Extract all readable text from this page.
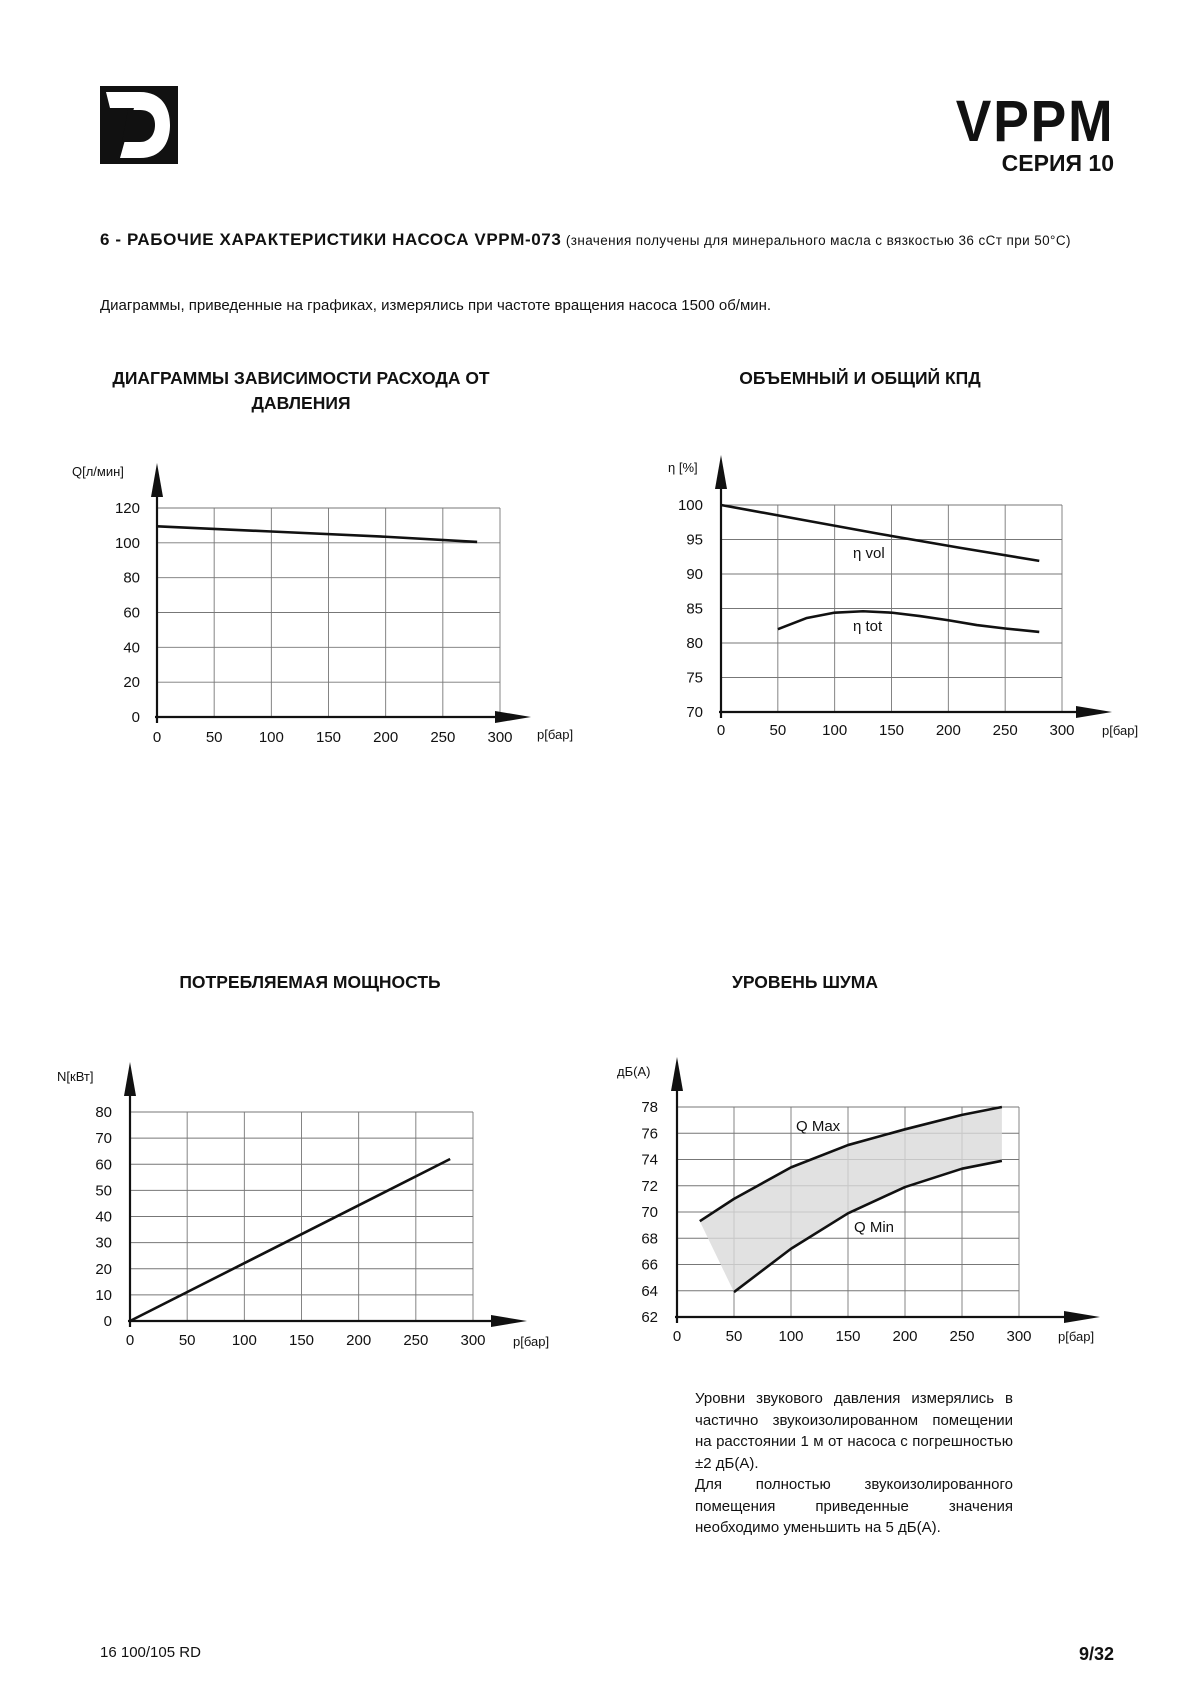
VPPM
СЕРИЯ 10
6 - РАБОЧИЕ ХАРАКТЕРИСТИКИ НАСОСА VPPM-073 (значения получены для минерального масла с вязкостью 36 сСт при 50°C)
Диаграммы, приведенные на графиках, измерялись при частоте вращения насоса 1500 об/мин.
ДИАГРАММЫ ЗАВИСИМОСТИ РАСХОДА ОТ ДАВЛЕНИЯ
ОБЪЕМНЫЙ И ОБЩИЙ КПД
ПОТРЕБЛЯЕМАЯ МОЩНОСТЬ	УРОВЕНЬ ШУМА
0
20
40
60
80
100
120
0	50 100 150 200 250 300
Q[л/мин]
p[бар]
70
75
80
85
90
95
100
0	50 100 150 200 250 300
η [%]
p[бар]
0
10
20
30
40
50
60
70
80
0	50 100 150 200 250 300
N[кВт]
p[бар]
62
64
66
68
70
72
74
76
78
0	50 100 150 200 250 300
дБ(А)
p[бар]
η vol
η tot
Q Max
Q Min

Уровни звукового давления измерялись в частично звукоизолированном помещении на расстоянии 1 м от насоса с погрешностью ±2 дБ(А).

Для полностью звукоизолированного помещения приведенные значения необходимо уменьшить на 5 дБ(А).

16 100/105 RD	9/32
